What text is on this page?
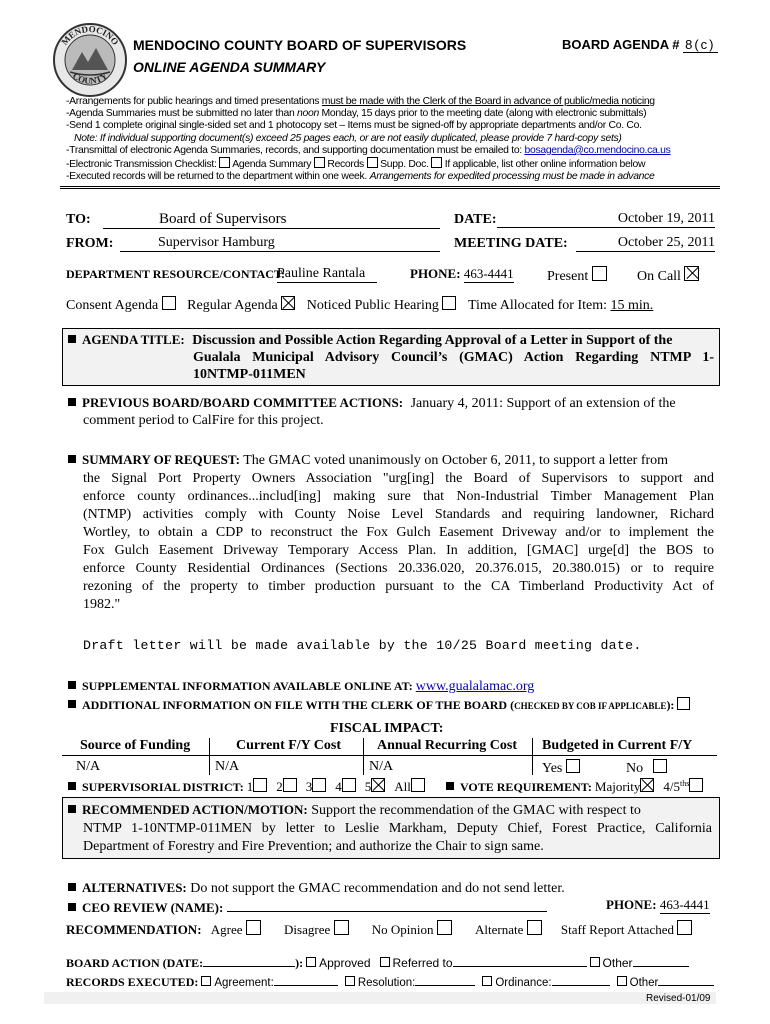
MENDOCINO
COUNTY
MENDOCINO COUNTY BOARD OF SUPERVISORS
ONLINE AGENDA SUMMARY
BOARD AGENDA # 8(c)
-Arrangements for public hearings and timed presentations must be made with the Clerk of the Board in advance of public/media noticing
-Agenda Summaries must be submitted no later than noon Monday, 15 days prior to the meeting date (along with electronic submittals)
-Send 1 complete original single-sided set and 1 photocopy set – Items must be signed-off by appropriate departments and/or Co. Co.
Note: If individual supporting document(s) exceed 25 pages each, or are not easily duplicated, please provide 7 hard-copy sets)
-Transmittal of electronic Agenda Summaries, records, and supporting documentation must be emailed to: bosagenda@co.mendocino.ca.us
-Electronic Transmission Checklist:  Agenda Summary Records Supp. Doc. If applicable, list other online information below
-Executed records will be returned to the department within one week. Arrangements for expedited processing must be made in advance
TO:	Board of Supervisors	DATE:	October 19, 2011
FROM:	Supervisor Hamburg	MEETING DATE:	October 25, 2011
DEPARTMENT RESOURCE/CONTACT:
Pauline Rantala	PHONE: 463-4441 Present	On Call
Consent Agenda Regular Agenda Noticed Public Hearing Time Allocated for Item: 15 min.
AGENDA TITLE: Discussion and Possible Action Regarding Approval of a Letter in Support of the
Gualala Municipal Advisory Council’s (GMAC) Action Regarding NTMP 1-
10NTMP-011MEN
PREVIOUS BOARD/BOARD COMMITTEE ACTIONS: January 4, 2011: Support of an extension of the
comment period to CalFire for this project.
SUMMARY OF REQUEST: The GMAC voted unanimously on October 6, 2011, to support a letter from
the Signal Port Property Owners Association "urg[ing] the Board of Supervisors to support and
enforce county ordinances...includ[ing] making sure that Non-Industrial Timber Management Plan
(NTMP) activities comply with County Noise Level Standards and requiring landowner, Richard
Wortley, to obtain a CDP to reconstruct the Fox Gulch Easement Driveway and/or to implement the
Fox Gulch Easement Driveway Temporary Access Plan. In addition, [GMAC] urge[d] the BOS to
enforce County Residential Ordinances (Sections 20.336.020, 20.376.015, 20.380.015) or to require
rezoning of the property to timber production pursuant to the CA Timberland Productivity Act of
1982."
Draft letter will be made available by the 10/25 Board meeting date.
SUPPLEMENTAL INFORMATION AVAILABLE ONLINE AT: www.gualalamac.org
ADDITIONAL INFORMATION ON FILE WITH THE CLERK OF THE BOARD (CHECKED BY COB IF APPLICABLE):
FISCAL IMPACT:
Source of Funding	Current F/Y Cost	Annual Recurring Cost Budgeted in Current F/Y
N/A	N/A	N/A	Yes	No
SUPERVISORIAL DISTRICT: 1 2 3 4 5 All	VOTE REQUIREMENT: Majority $4/5^{ths}$
RECOMMENDED ACTION/MOTION: Support the recommendation of the GMAC with respect to
NTMP 1-10NTMP-011MEN by letter to Leslie Markham, Deputy Chief, Forest Practice, California
Department of Forestry and Fire Prevention; and authorize the Chair to sign same.
ALTERNATIVES: Do not support the GMAC recommendation and do not send letter.
CEO REVIEW (NAME):	PHONE: 463-4441
RECOMMENDATION: Agree	Disagree	No Opinion	Alternate	Staff Report Attached
BOARD ACTION (DATE:	): Approved Referred to	Other
RECORDS EXECUTED: Agreement:	Resolution:	Ordinance:	Other
Revised-01/09
